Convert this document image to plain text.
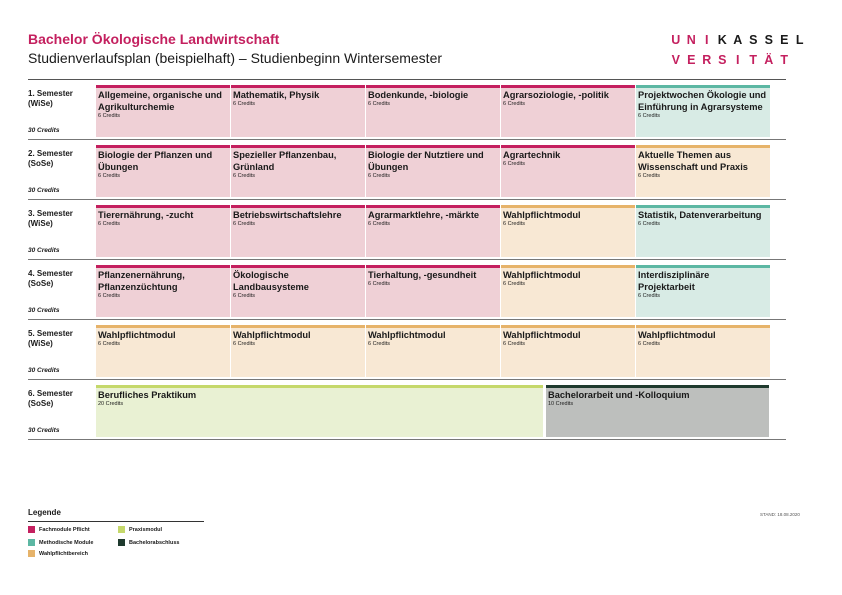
Bachelor Ökologische Landwirtschaft
Studienverlaufsplan (beispielhaft) – Studienbeginn Wintersemester
U N I K A S S E L
V E R S I T Ä T
1. Semester
(WiSe)
30 Credits
Allgemeine, organische und Agrikulturchemie
6 Credits
Mathematik, Physik
6 Credits
Bodenkunde, -biologie
6 Credits
Agrarsoziologie, -politik
6 Credits
Projektwochen Ökologie und Einführung in Agrarsysteme
6 Credits
2. Semester
(SoSe)
30 Credits
Biologie der Pflanzen und Übungen
6 Credits
Spezieller Pflanzenbau, Grünland
6 Credits
Biologie der Nutztiere und Übungen
6 Credits
Agrartechnik
6 Credits
Aktuelle Themen aus Wissenschaft und Praxis
6 Credits
3. Semester
(WiSe)
30 Credits
Tierernährung, -zucht
6 Credits
Betriebswirtschaftslehre
6 Credits
Agrarmarktlehre, -märkte
6 Credits
Wahlpflichtmodul
6 Credits
Statistik, Datenverarbeitung
6 Credits
4. Semester
(SoSe)
30 Credits
Pflanzenernährung, Pflanzenzüchtung
6 Credits
Ökologische Landbausysteme
6 Credits
Tierhaltung, -gesundheit
6 Credits
Wahlpflichtmodul
6 Credits
Interdisziplinäre Projektarbeit
6 Credits
5. Semester
(WiSe)
30 Credits
Wahlpflichtmodul
6 Credits
Wahlpflichtmodul
6 Credits
Wahlpflichtmodul
6 Credits
Wahlpflichtmodul
6 Credits
Wahlpflichtmodul
6 Credits
6. Semester
(SoSe)
30 Credits
Berufliches Praktikum
20 Credits
Bachelorarbeit und -Kolloquium
10 Credits
Legende
Fachmodule Pflicht
Methodische Module
Wahlpflichtbereich
Praxismodul
Bachelorabschluss
STAND: 18.08.2020
